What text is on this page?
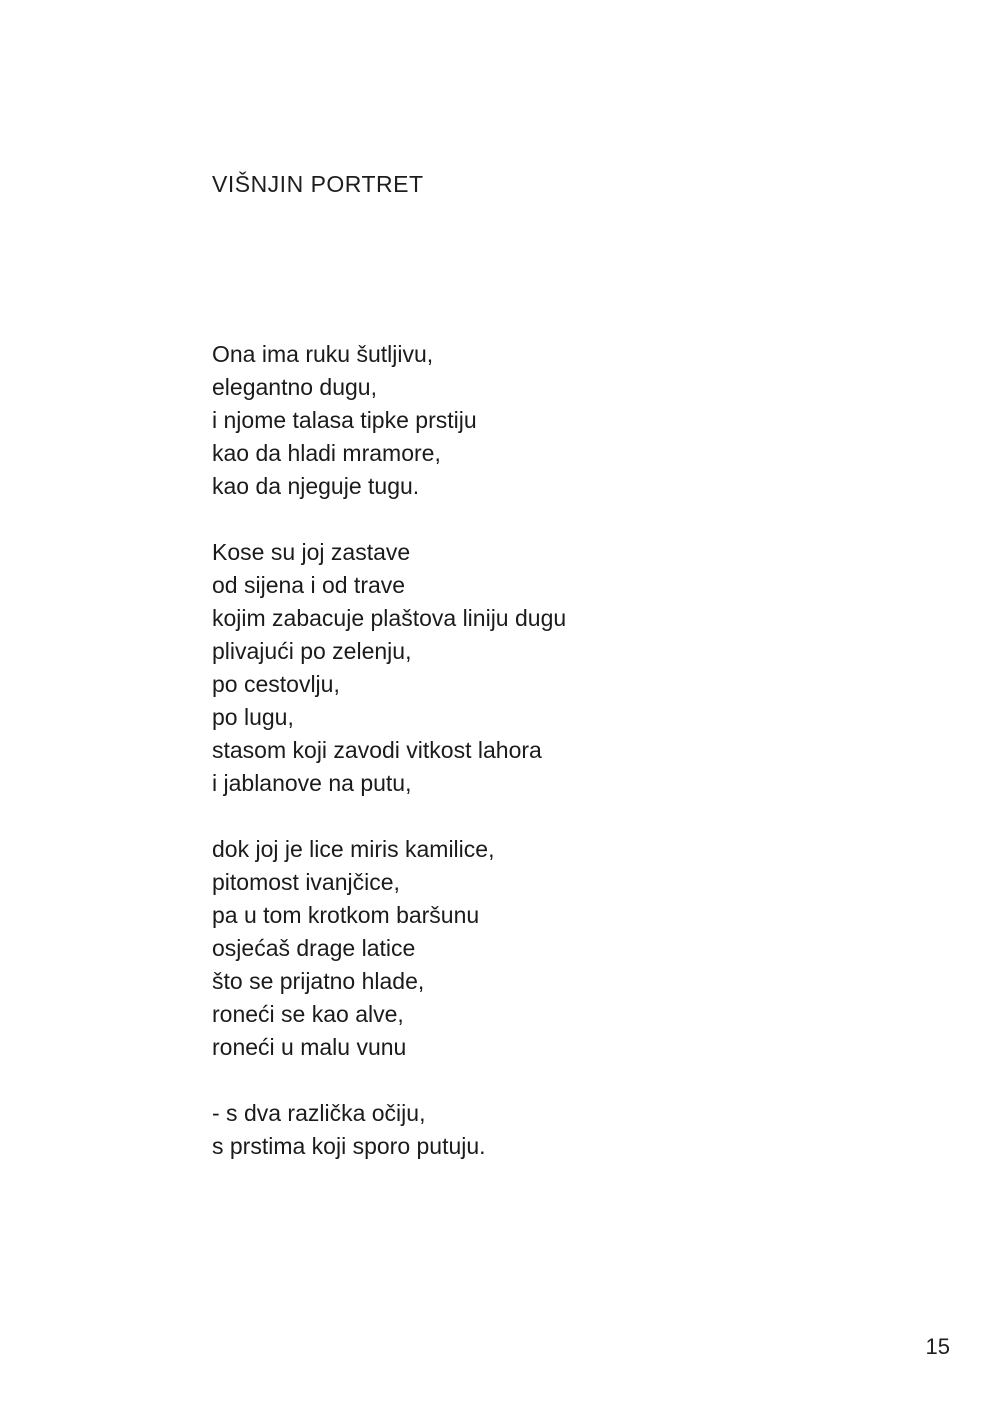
VIŠNJIN PORTRET
Ona ima ruku šutljivu,
elegantno dugu,
i njome talasa tipke prstiju
kao da hladi mramore,
kao da njeguje tugu.
Kose su joj zastave
od sijena i od trave
kojim zabacuje plaštova liniju dugu
plivajući po zelenju,
po cestovlju,
po lugu,
stasom koji zavodi vitkost lahora
i jablanove na putu,
dok joj je lice miris kamilice,
pitomost ivanjčice,
pa u tom krotkom baršunu
osjećaš drage latice
što se prijatno hlade,
roneći se kao alve,
roneći u malu vunu
- s dva različka očiju,
s prstima koji sporo putuju.
15
